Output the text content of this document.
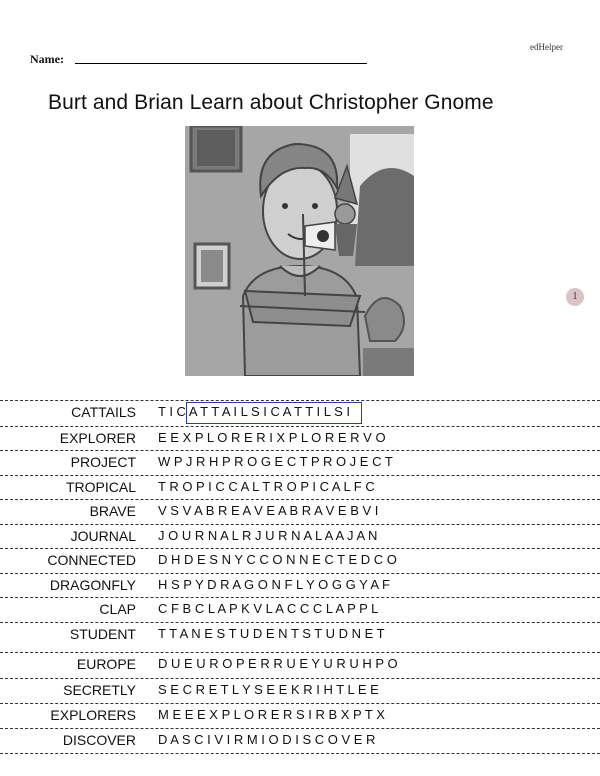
edHelper
Name:
Burt and Brian Learn about Christopher Gnome
1
CATTAILS T I C A T T A I L S I C A T T I L S I
EXPLORER E E X P L O R E R I X P L O R E R V O
PROJECT W P J R H P R O G E C T P R O J E C T
TROPICAL T R O P I C C A L T R O P I C A L F C
BRAVE V S V A B R E A V E A B R A V E B V I
JOURNAL J O U R N A L R J U R N A L A A J A N
CONNECTED D H D E S N Y C C O N N E C T E D C O
DRAGONFLY H S P Y D R A G O N F L Y O G G Y A F
CLAP C F B C L A P K V L A C C C L A P P L
STUDENT T T A N E S T U D E N T S T U D N E T
EUROPE D U E U R O P E R R U E Y U R U H P O
SECRETLY S E C R E T L Y S E E K R I H T L E E
EXPLORERS M E E E X P L O R E R S I R B X P T X
DISCOVER D A S C I V I R M I O D I S C O V E R
